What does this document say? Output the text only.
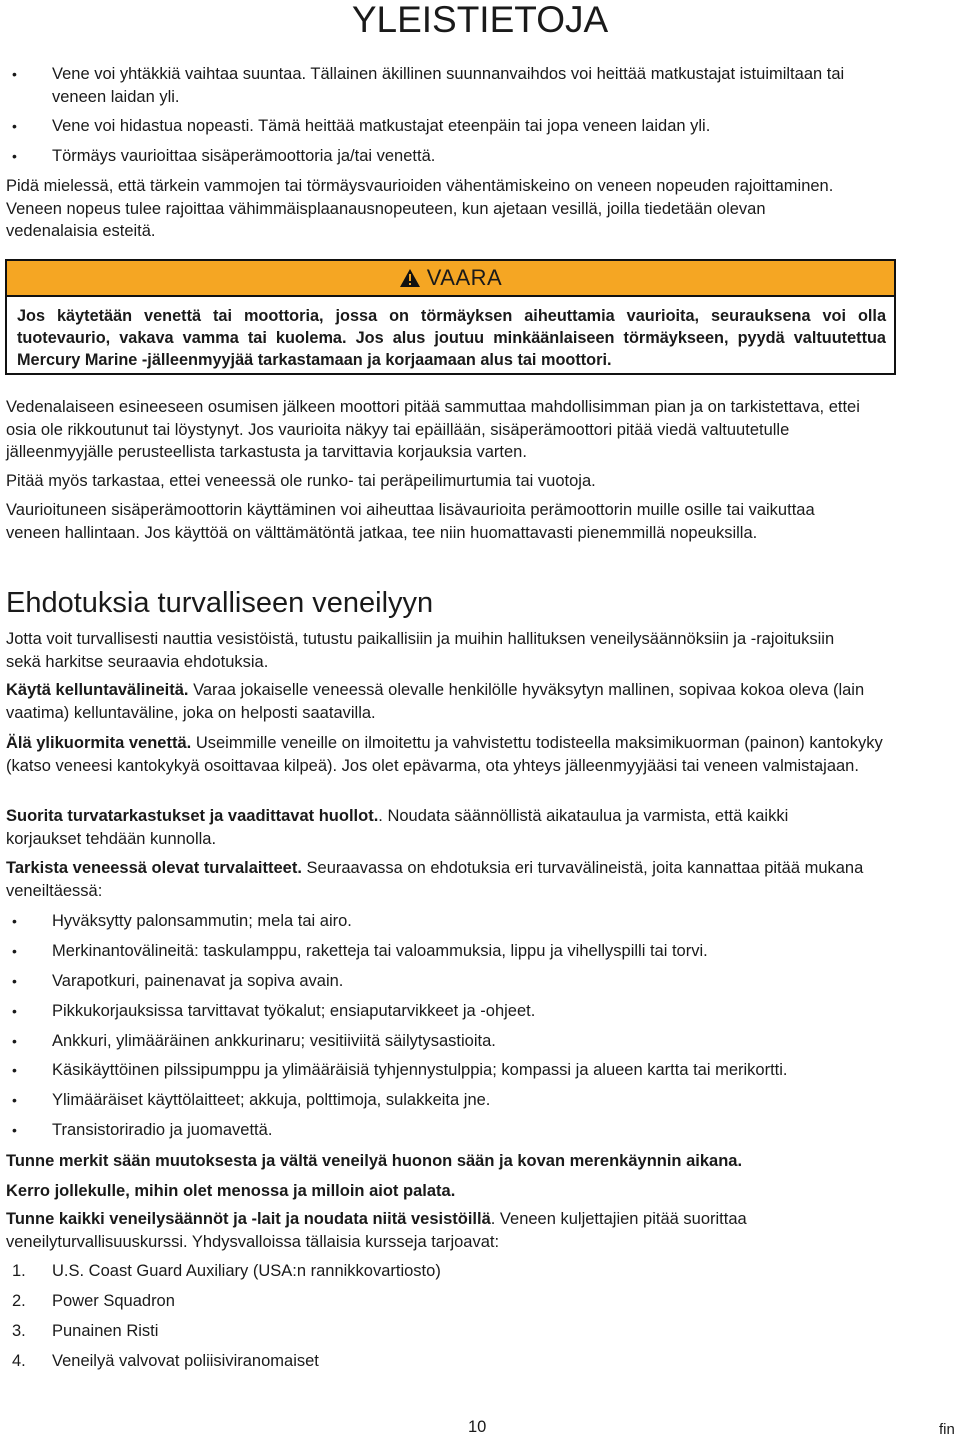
YLEISTIETOJA
• Vene voi yhtäkkiä vaihtaa suuntaa. Tällainen äkillinen suunnanvaihdos voi heittää matkustajat istuimiltaan tai veneen laidan yli.
• Vene voi hidastua nopeasti. Tämä heittää matkustajat eteenpäin tai jopa veneen laidan yli.
• Törmäys vaurioittaa sisäperämoottoria ja/tai venettä.

Pidä mielessä, että tärkein vammojen tai törmäysvaurioiden vähentämiskeino on veneen nopeuden rajoittaminen. Veneen nopeus tulee rajoittaa vähimmäisplaanausnopeuteen, kun ajetaan vesillä, joilla tiedetään olevan vedenalaisia esteitä.

VAARA
Jos käytetään venettä tai moottoria, jossa on törmäyksen aiheuttamia vaurioita, seurauksena voi olla tuotevaurio, vakava vamma tai kuolema. Jos alus joutuu minkäänlaiseen törmäykseen, pyydä valtuutettua Mercury Marine -jälleenmyyjää tarkastamaan ja korjaamaan alus tai moottori.

Vedenalaiseen esineeseen osumisen jälkeen moottori pitää sammuttaa mahdollisimman pian ja on tarkistettava, ettei osia ole rikkoutunut tai löystynyt. Jos vaurioita näkyy tai epäillään, sisäperämoottori pitää viedä valtuutetulle jälleenmyyjälle perusteellista tarkastusta ja tarvittavia korjauksia varten.

Pitää myös tarkastaa, ettei veneessä ole runko- tai peräpeilimurtumia tai vuotoja.

Vaurioituneen sisäperämoottorin käyttäminen voi aiheuttaa lisävaurioita perämoottorin muille osille tai vaikuttaa veneen hallintaan. Jos käyttöä on välttämätöntä jatkaa, tee niin huomattavasti pienemmillä nopeuksilla.

Ehdotuksia turvalliseen veneilyyn

Jotta voit turvallisesti nauttia vesistöistä, tutustu paikallisiin ja muihin hallituksen veneilysäännöksiin ja -rajoituksiin sekä harkitse seuraavia ehdotuksia.

Käytä kelluntavälineitä. Varaa jokaiselle veneessä olevalle henkilölle hyväksytyn mallinen, sopivaa kokoa oleva (lain vaatima) kelluntaväline, joka on helposti saatavilla.

Älä ylikuormita venettä. Useimmille veneille on ilmoitettu ja vahvistettu todisteella maksimikuorman (painon) kantokyky (katso veneesi kantokykyä osoittavaa kilpeä). Jos olet epävarma, ota yhteys jälleenmyyjääsi tai veneen valmistajaan.

Suorita turvatarkastukset ja vaadittavat huollot.. Noudata säännöllistä aikataulua ja varmista, että kaikki korjaukset tehdään kunnolla.

Tarkista veneessä olevat turvalaitteet. Seuraavassa on ehdotuksia eri turvavälineistä, joita kannattaa pitää mukana veneiltäessä:

• Hyväksytty palonsammutin; mela tai airo.
• Merkinantovälineitä: taskulamppu, raketteja tai valoammuksia, lippu ja vihellyspilli tai torvi.
• Varapotkuri, painenavat ja sopiva avain.
• Pikkukorjauksissa tarvittavat työkalut; ensiaputarvikkeet ja -ohjeet.
• Ankkuri, ylimääräinen ankkurinaru; vesitiiviitä säilytysastioita.
• Käsikäyttöinen pilssipumppu ja ylimääräisiä tyhjennystulppia; kompassi ja alueen kartta tai merikortti.
• Ylimääräiset käyttölaitteet; akkuja, polttimoja, sulakkeita jne.
• Transistoriradio ja juomavettä.

Tunne merkit sään muutoksesta ja vältä veneilyä huonon sään ja kovan merenkäynnin aikana.

Kerro jollekulle, mihin olet menossa ja milloin aiot palata.

Tunne kaikki veneilysäännöt ja -lait ja noudata niitä vesistöillä. Veneen kuljettajien pitää suorittaa veneilyturvallisuuskurssi. Yhdysvalloissa tällaisia kursseja tarjoavat:

1. U.S. Coast Guard Auxiliary (USA:n rannikkovartiosto)
2. Power Squadron
3. Punainen Risti
4. Veneilyä valvovat poliisiviranomaiset
10	fin
